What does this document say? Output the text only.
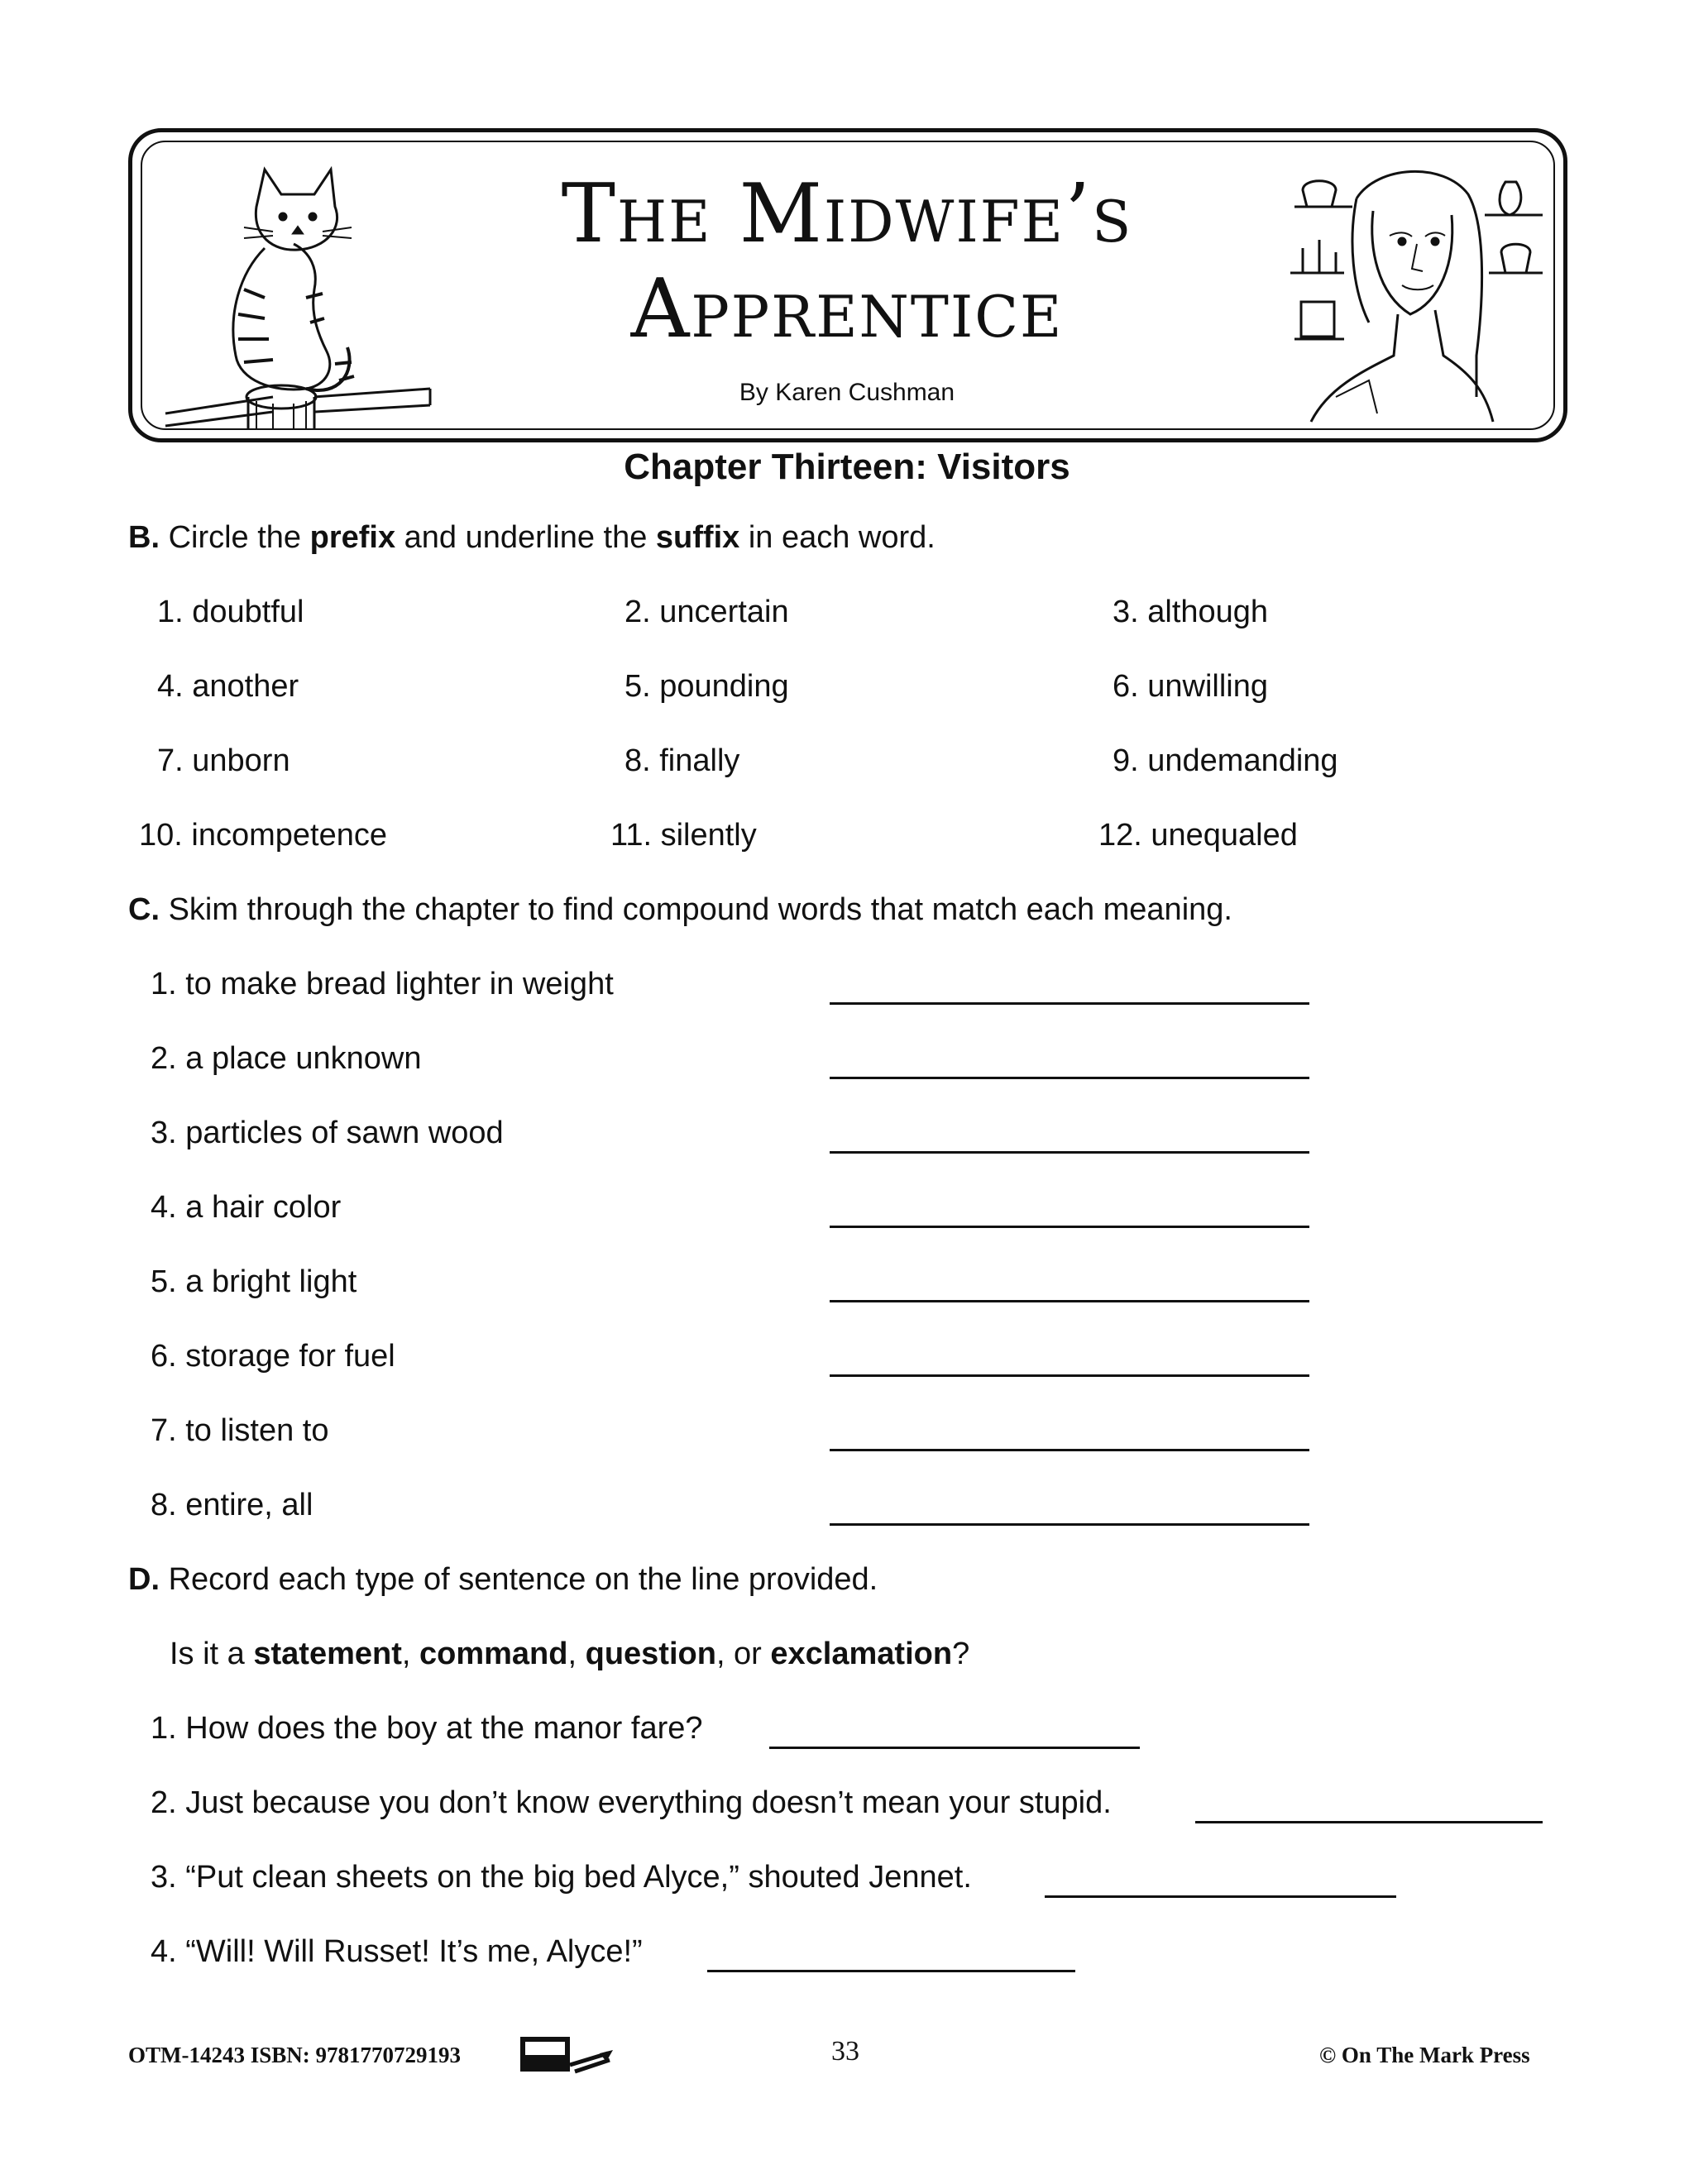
The Midwife’s
Apprentice
By Karen Cushman
Chapter Thirteen: Visitors
B. Circle the prefix and underline the suffix in each word.
1. doubtful	2. uncertain	3. although
4. another	5. pounding	6. unwilling
7. unborn	8. finally	9. undemanding
10. incompetence	11. silently	12. unequaled
C. Skim through the chapter to find compound words that match each meaning.
1. to make bread lighter in weight
2. a place unknown
3. particles of sawn wood
4. a hair color
5. a bright light
6. storage for fuel
7. to listen to
8. entire, all
D. Record each type of sentence on the line provided.
Is it a statement, command, question, or exclamation?
1. How does the boy at the manor fare?
2. Just because you don’t know everything doesn’t mean your stupid.
3. “Put clean sheets on the big bed Alyce,” shouted Jennet.
4. “Will! Will Russet! It’s me, Alyce!”
OTM-14243 ISBN: 9781770729193	33	© On The Mark Press
